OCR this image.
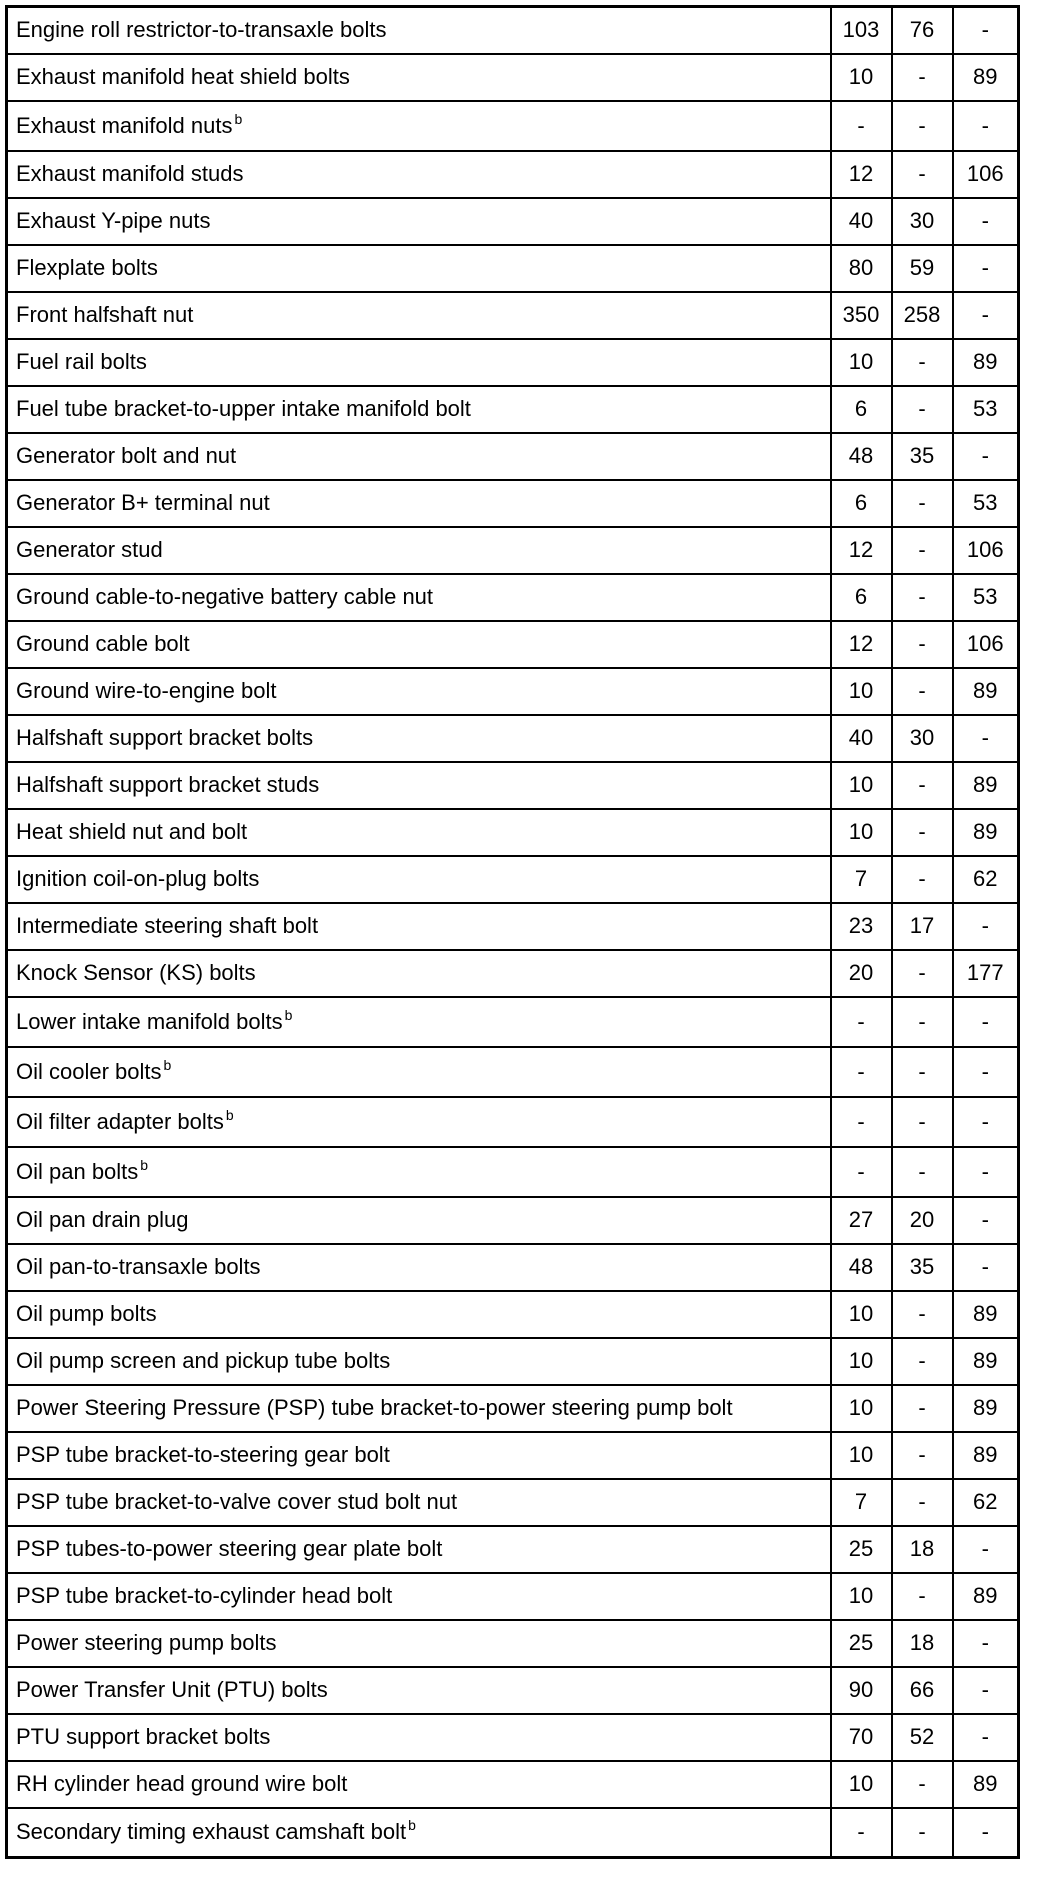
Engine roll restrictor-to-transaxle bolts	103	76	-
Exhaust manifold heat shield bolts	10	-	89
Exhaust manifold nuts $^b$	-	-	-
Exhaust manifold studs	12	-	106
Exhaust Y-pipe nuts	40	30	-
Flexplate bolts	80	59	-
Front halfshaft nut	350	258	-
Fuel rail bolts	10	-	89
Fuel tube bracket-to-upper intake manifold bolt	6	-	53
Generator bolt and nut	48	35	-
Generator B+ terminal nut	6	-	53
Generator stud	12	-	106
Ground cable-to-negative battery cable nut	6	-	53
Ground cable bolt	12	-	106
Ground wire-to-engine bolt	10	-	89
Halfshaft support bracket bolts	40	30	-
Halfshaft support bracket studs	10	-	89
Heat shield nut and bolt	10	-	89
Ignition coil-on-plug bolts	7	-	62
Intermediate steering shaft bolt	23	17	-
Knock Sensor (KS) bolts	20	-	177
Lower intake manifold bolts $^b$	-	-	-
Oil cooler bolts $^b$	-	-	-
Oil filter adapter bolts $^b$	-	-	-
Oil pan bolts $^b$	-	-	-
Oil pan drain plug	27	20	-
Oil pan-to-transaxle bolts	48	35	-
Oil pump bolts	10	-	89
Oil pump screen and pickup tube bolts	10	-	89
Power Steering Pressure (PSP) tube bracket-to-power steering pump bolt	10	-	89
PSP tube bracket-to-steering gear bolt	10	-	89
PSP tube bracket-to-valve cover stud bolt nut	7	-	62
PSP tubes-to-power steering gear plate bolt	25	18	-
PSP tube bracket-to-cylinder head bolt	10	-	89
Power steering pump bolts	25	18	-
Power Transfer Unit (PTU) bolts	90	66	-
PTU support bracket bolts	70	52	-
RH cylinder head ground wire bolt	10	-	89
Secondary timing exhaust camshaft bolt $^b$	-	-	-
